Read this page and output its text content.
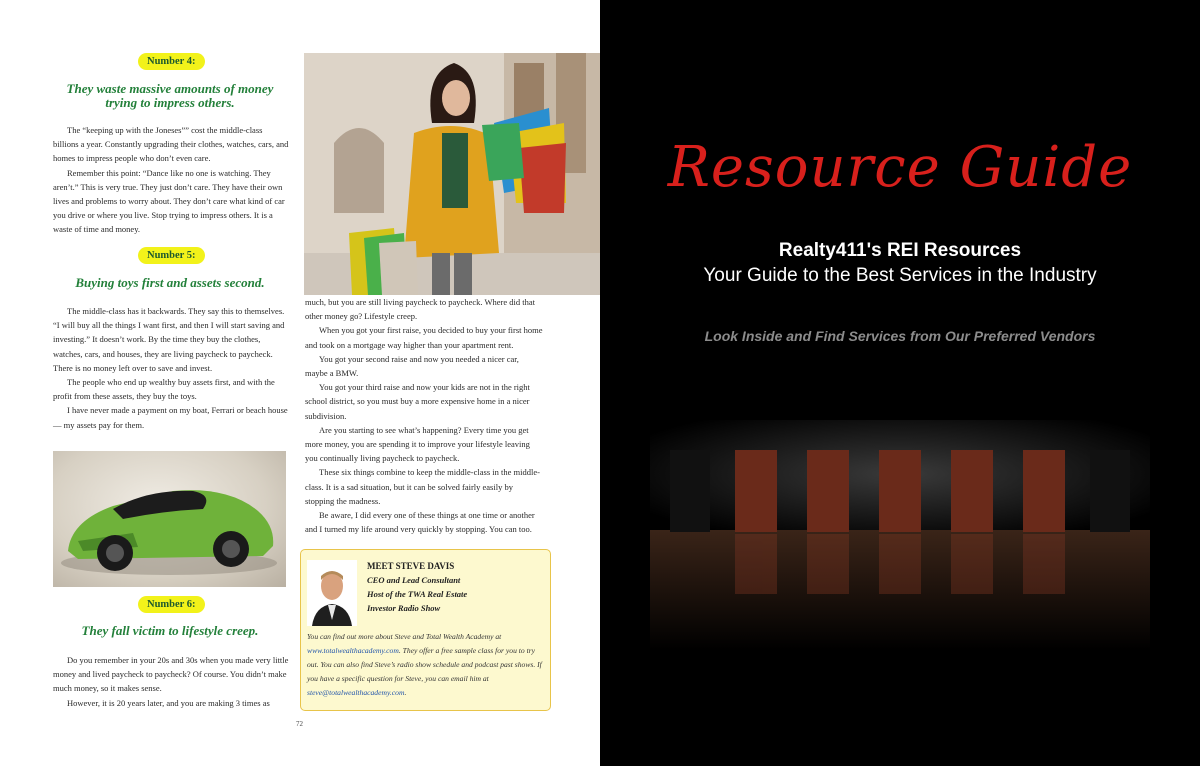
Number 4:
They waste massive amounts of money trying to impress others.

The “keeping up with the Joneses”” cost the middle-class billions a year. Constantly upgrading their clothes, watches, cars, and homes to impress people who don’t even care.

Remember this point: “Dance like no one is watching. They aren’t.” This is very true. They just don’t care. They have their own lives and problems to worry about. They don’t care what kind of car you drive or where you live. Stop trying to impress others. It is a waste of time and money.

Number 5:
Buying toys first and assets second.

The middle-class has it backwards. They say this to themselves. “I will buy all the things I want first, and then I will start saving and investing.” It doesn’t work. By the time they buy the clothes, watches, cars, and houses, they are living paycheck to paycheck. There is no money left over to save and invest.

The people who end up wealthy buy assets first, and with the profit from these assets, they buy the toys.

I have never made a payment on my boat, Ferrari or beach house — my assets pay for them.

Number 6:
They fall victim to lifestyle creep.

Do you remember in your 20s and 30s when you made very little money and lived paycheck to paycheck? Of course. You didn’t make much money, so it makes sense.

However, it is 20 years later, and you are making 3 times as

much, but you are still living paycheck to paycheck. Where did that other money go? Lifestyle creep.

When you got your first raise, you decided to buy your first home and took on a mortgage way higher than your apartment rent.

You got your second raise and now you needed a nicer car, maybe a BMW.

You got your third raise and now your kids are not in the right school district, so you must buy a more expensive home in a nicer subdivision.

Are you starting to see what’s happening? Every time you get more money, you are spending it to improve your lifestyle leaving you continually living paycheck to paycheck.

These six things combine to keep the middle-class in the middle-class. It is a sad situation, but it can be solved fairly easily by stopping the madness.

Be aware, I did every one of these things at one time or another and I turned my life around very quickly by stopping. You can too.

MEET STEVE DAVIS
CEO and Lead Consultant
Host of the TWA Real Estate
Investor Radio Show
You can find out more about Steve and Total Wealth Academy at www.totalwealthacademy.com. They offer a free sample class for you to try out. You can also find Steve’s radio show schedule and podcast past shows. If you have a specific question for Steve, you can email him at steve@totalwealthacademy.com.
72
Resource Guide
Realty411's REI Resources
Your Guide to the Best Services in the Industry
Look Inside and Find Services from Our Preferred Vendors
